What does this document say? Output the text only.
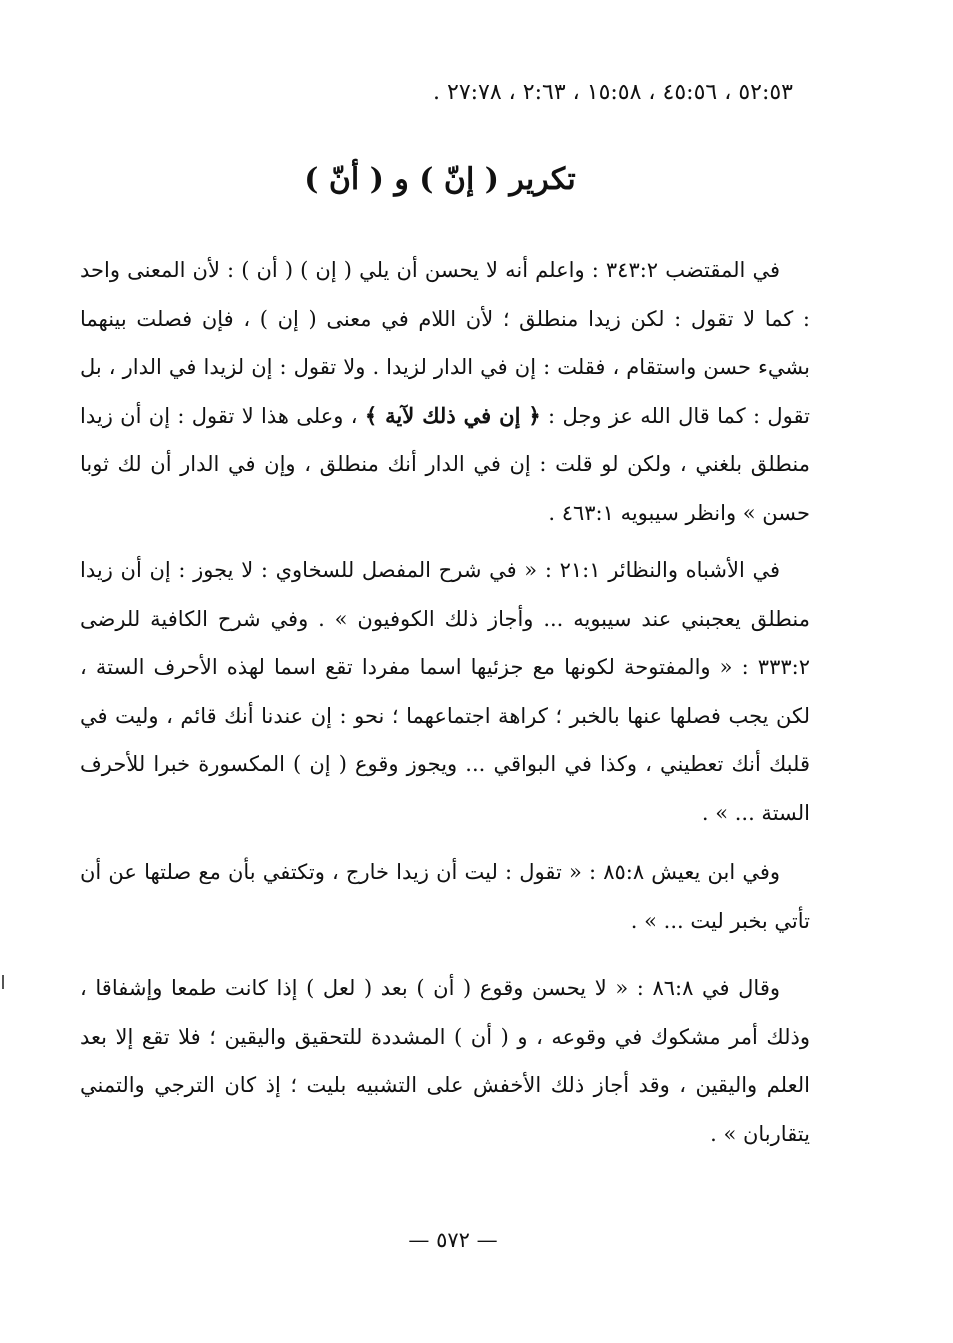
٥٢:٥٣ ، ٤٥:٥٦ ، ١٥:٥٨ ، ٢:٦٣ ، ٢٧:٧٨ .
تكرير ( إنّ ) و ( أنّ )

في المقتضب ٣٤٣:٢ : واعلم أنه لا يحسن أن يلي ( إن ) ( أن ) : لأن المعنى واحد : كما لا تقول : لكن زيدا منطلق ؛ لأن اللام في معنى ( إن ) ، فإن فصلت بينهما بشيء حسن واستقام ، فقلت : إن في الدار لزيدا . ولا تقول : إن لزيدا في الدار ، بل تقول : كما قال الله عز وجل : ﴿ إن في ذلك لآية ﴾ ، وعلى هذا لا تقول : إن أن زيدا منطلق بلغني ، ولكن لو قلت : إن في الدار أنك منطلق ، وإن في الدار أن لك ثوبا حسن » وانظر سيبويه ٤٦٣:١ .

في الأشباه والنظائر ٢١:١ : « في شرح المفصل للسخاوي : لا يجوز : إن أن زيدا منطلق يعجبني عند سيبويه ... وأجاز ذلك الكوفيون » . وفي شرح الكافية للرضى ٣٣٣:٢ : « والمفتوحة لكونها مع جزئيها اسما مفردا تقع اسما لهذه الأحرف الستة ، لكن يجب فصلها عنها بالخبر ؛ كراهة اجتماعهما ؛ نحو : إن عندنا أنك قائم ، وليت في قلبك أنك تعطيني ، وكذا في البواقي ... ويجوز وقوع ( إن ) المكسورة خبرا للأحرف الستة ... » .

وفي ابن يعيش ٨٥:٨ : « تقول : ليت أن زيدا خارج ، وتكتفي بأن مع صلتها عن أن تأتي بخبر ليت ... » .

وقال في ٨٦:٨ : « لا يحسن وقوع ( أن ) بعد ( لعل ) إذا كانت طمعا وإشفاقا ، وذلك أمر مشكوك في وقوعه ، و ( أن ) المشددة للتحقيق واليقين ؛ فلا تقع إلا بعد العلم واليقين ، وقد أجاز ذلك الأخفش على التشبيه بليت ؛ إذ كان الترجي والتمني يتقاربان » .

— ٥٧٢ —
